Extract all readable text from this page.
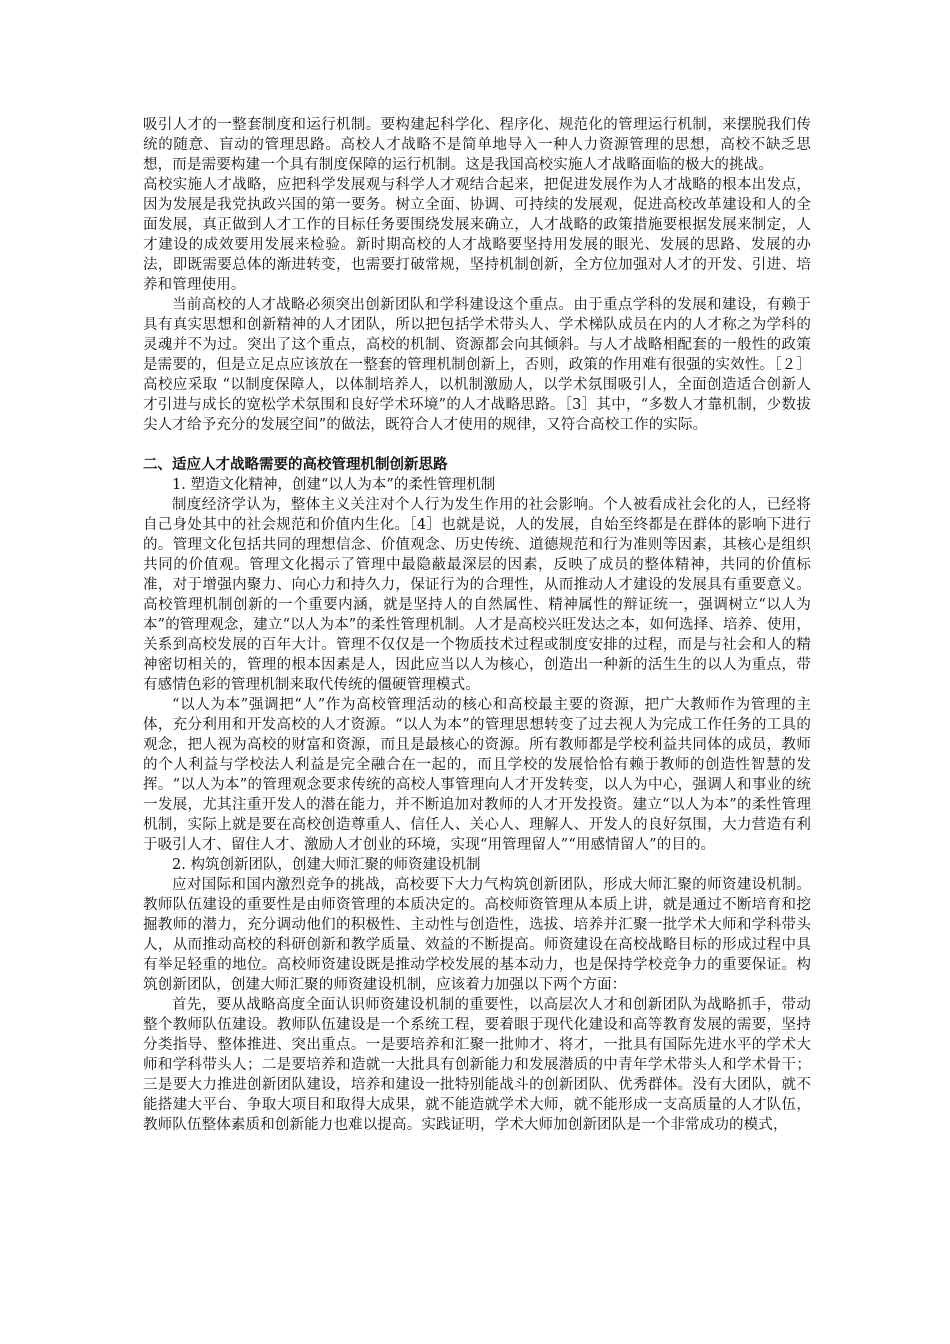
吸引人才的一整套制度和运行机制。要构建起科学化、程序化、规范化的管理运行机制，来摆脱我们传统的随意、盲动的管理思路。高校人才战略不是简单地导入一种人力资源管理的思想，高校不缺乏思想，而是需要构建一个具有制度保障的运行机制。这是我国高校实施人才战略面临的极大的挑战。

高校实施人才战略，应把科学发展观与科学人才观结合起来，把促进发展作为人才战略的根本出发点，因为发展是我党执政兴国的第一要务。树立全面、协调、可持续的发展观，促进高校改革建设和人的全面发展，真正做到人才工作的目标任务要围绕发展来确立，人才战略的政策措施要根据发展来制定，人才建设的成效要用发展来检验。新时期高校的人才战略要坚持用发展的眼光、发展的思路、发展的办法，即既需要总体的渐进转变，也需要打破常规，坚持机制创新，全方位加强对人才的开发、引进、培养和管理使用。

当前高校的人才战略必须突出创新团队和学科建设这个重点。由于重点学科的发展和建设，有赖于具有真实思想和创新精神的人才团队，所以把包括学术带头人、学术梯队成员在内的人才称之为学科的灵魂并不为过。突出了这个重点，高校的机制、资源都会向其倾斜。与人才战略相配套的一般性的政策是需要的，但是立足点应该放在一整套的管理机制创新上，否则，政策的作用难有很强的实效性。［２］高校应采取 “以制度保障人，以体制培养人，以机制激励人，以学术氛围吸引人，全面创造适合创新人才引进与成长的宽松学术氛围和良好学术环境”的人才战略思路。［3］其中，“多数人才靠机制，少数拔尖人才给予充分的发展空间”的做法，既符合人才使用的规律，又符合高校工作的实际。

二、适应人才战略需要的高校管理机制创新思路

1. 塑造文化精神，创建“以人为本”的柔性管理机制

制度经济学认为，整体主义关注对个人行为发生作用的社会影响。个人被看成社会化的人，已经将自己身处其中的社会规范和价值内生化。［4］也就是说，人的发展，自始至终都是在群体的影响下进行的。管理文化包括共同的理想信念、价值观念、历史传统、道德规范和行为准则等因素，其核心是组织共同的价值观。管理文化揭示了管理中最隐蔽最深层的因素，反映了成员的整体精神，共同的价值标准，对于增强内聚力、向心力和持久力，保证行为的合理性，从而推动人才建设的发展具有重要意义。高校管理机制创新的一个重要内涵，就是坚持人的自然属性、精神属性的辩证统一，强调树立“以人为本”的管理观念，建立“以人为本”的柔性管理机制。人才是高校兴旺发达之本，如何选择、培养、使用，关系到高校发展的百年大计。管理不仅仅是一个物质技术过程或制度安排的过程，而是与社会和人的精神密切相关的，管理的根本因素是人，因此应当以人为核心，创造出一种新的活生生的以人为重点，带有感情色彩的管理机制来取代传统的僵硬管理模式。

“以人为本”强调把“人”作为高校管理活动的核心和高校最主要的资源，把广大教师作为管理的主体，充分利用和开发高校的人才资源。“以人为本”的管理思想转变了过去视人为完成工作任务的工具的观念，把人视为高校的财富和资源，而且是最核心的资源。所有教师都是学校利益共同体的成员，教师的个人利益与学校法人利益是完全融合在一起的，而且学校的发展恰恰有赖于教师的创造性智慧的发挥。“以人为本”的管理观念要求传统的高校人事管理向人才开发转变，以人为中心，强调人和事业的统一发展，尤其注重开发人的潜在能力，并不断追加对教师的人才开发投资。建立“以人为本”的柔性管理机制，实际上就是要在高校创造尊重人、信任人、关心人、理解人、开发人的良好氛围，大力营造有利于吸引人才、留住人才、激励人才创业的环境，实现“用管理留人”“用感情留人”的目的。

2. 构筑创新团队，创建大师汇聚的师资建设机制

应对国际和国内激烈竞争的挑战，高校要下大力气构筑创新团队，形成大师汇聚的师资建设机制。教师队伍建设的重要性是由师资管理的本质决定的。高校师资管理从本质上讲，就是通过不断培育和挖掘教师的潜力，充分调动他们的积极性、主动性与创造性，选拔、培养并汇聚一批学术大师和学科带头人，从而推动高校的科研创新和教学质量、效益的不断提高。师资建设在高校战略目标的形成过程中具有举足轻重的地位。高校师资建设既是推动学校发展的基本动力，也是保持学校竞争力的重要保证。构筑创新团队，创建大师汇聚的师资建设机制，应该着力加强以下两个方面：

首先，要从战略高度全面认识师资建设机制的重要性，以高层次人才和创新团队为战略抓手，带动整个教师队伍建设。教师队伍建设是一个系统工程，要着眼于现代化建设和高等教育发展的需要，坚持分类指导、整体推进、突出重点。一是要培养和汇聚一批帅才、将才，一批具有国际先进水平的学术大师和学科带头人；二是要培养和造就一大批具有创新能力和发展潜质的中青年学术带头人和学术骨干；三是要大力推进创新团队建设，培养和建设一批特别能战斗的创新团队、优秀群体。没有大团队，就不能搭建大平台、争取大项目和取得大成果，就不能造就学术大师，就不能形成一支高质量的人才队伍，教师队伍整体素质和创新能力也难以提高。实践证明，学术大师加创新团队是一个非常成功的模式，
